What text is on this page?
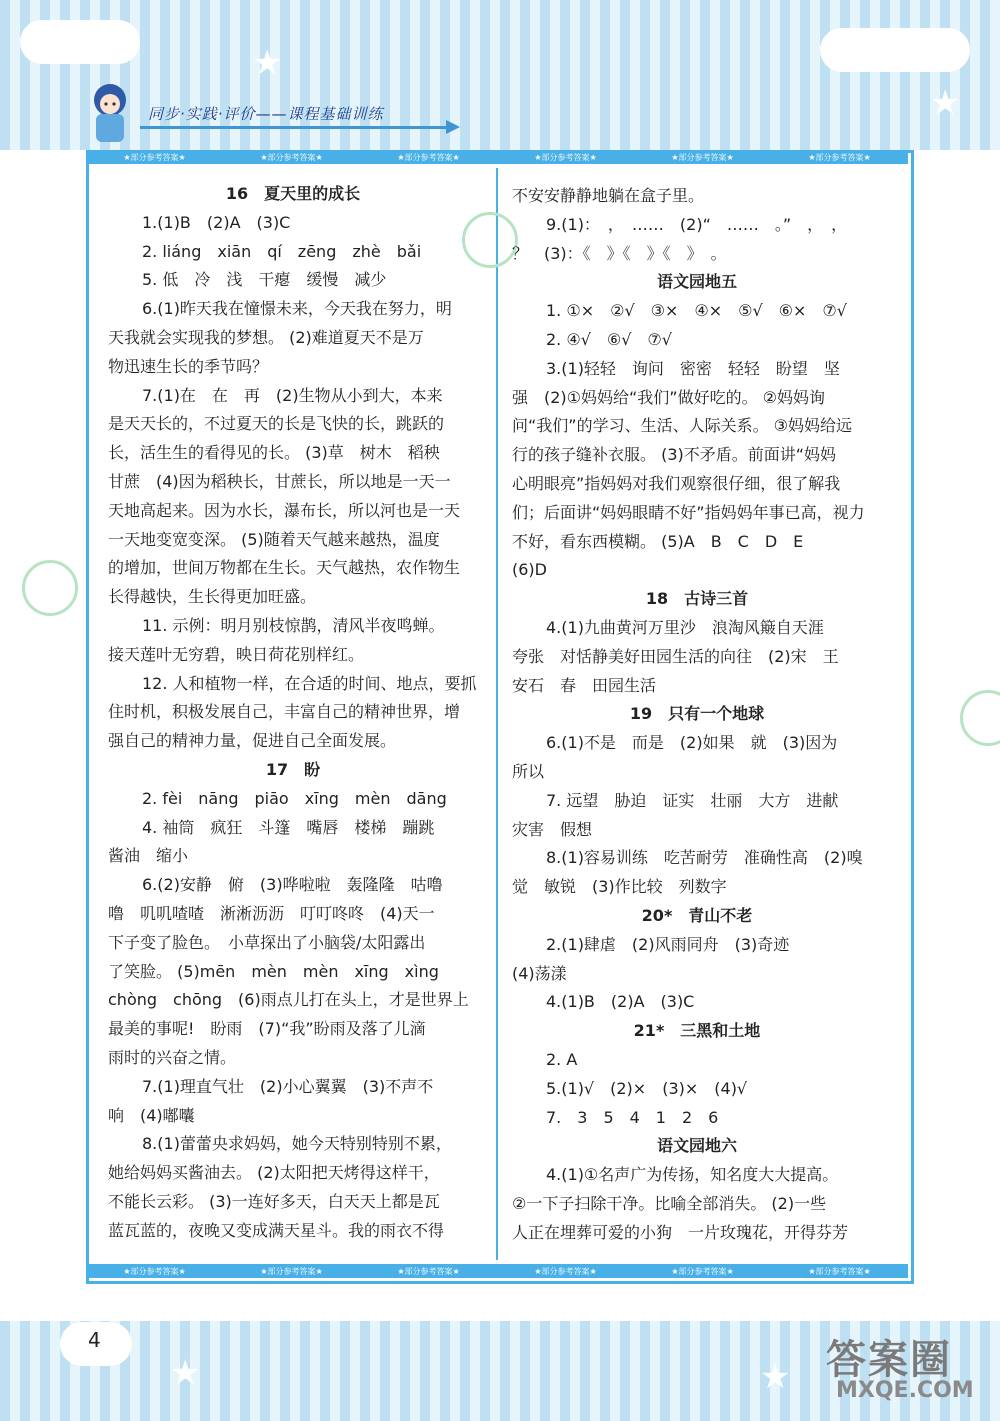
★
★
★	★
同步·实践·评价——课程基础训练
★部分参考答案★	★部分参考答案★	★部分参考答案★	★部分参考答案★	★部分参考答案★	★部分参考答案★
★部分参考答案★	★部分参考答案★	★部分参考答案★	★部分参考答案★	★部分参考答案★	★部分参考答案★

16　夏天里的成长

1.(1)B　(2)A　(3)C

2. liáng　xiān　qí　zēng　zhè　bǎi

5. 低　冷　浅　干瘪　缓慢　减少

6.(1)昨天我在憧憬未来，今天我在努力，明

天我就会实现我的梦想。 (2)难道夏天不是万

物迅速生长的季节吗？

7.(1)在　在　再　(2)生物从小到大，本来

是天天长的，不过夏天的长是飞快的长，跳跃的

长，活生生的看得见的长。 (3)草　树木　稻秧

甘蔗　(4)因为稻秧长，甘蔗长，所以地是一天一

天地高起来。因为水长，瀑布长，所以河也是一天

一天地变宽变深。 (5)随着天气越来越热，温度

的增加，世间万物都在生长。天气越热，农作物生

长得越快，生长得更加旺盛。

11. 示例：明月别枝惊鹊，清风半夜鸣蝉。

接天莲叶无穷碧，映日荷花别样红。

12. 人和植物一样，在合适的时间、地点，要抓

住时机，积极发展自己，丰富自己的精神世界，增

强自己的精神力量，促进自己全面发展。

17　盼

2. fèi　nāng　piāo　xīng　mèn　dāng

4. 袖筒　疯狂　斗篷　嘴唇　楼梯　蹦跳

酱油　缩小

6.(2)安静　俯　(3)哗啦啦　轰隆隆　咕噜

噜　叽叽喳喳　淅淅沥沥　叮叮咚咚　(4)天一

下子变了脸色。　小草探出了小脑袋/太阳露出

了笑脸。 (5)mēn　mèn　mèn　xīng　xìng

chòng　chōng　(6)雨点儿打在头上，才是世界上

最美的事呢!　盼雨　(7)“我”盼雨及落了儿滴

雨时的兴奋之情。

7.(1)理直气壮　(2)小心翼翼　(3)不声不

响　(4)嘟囔

8.(1)蕾蕾央求妈妈，她今天特别特别不累，

她给妈妈买酱油去。 (2)太阳把天烤得这样干，

不能长云彩。 (3)一连好多天，白天天上都是瓦

蓝瓦蓝的，夜晚又变成满天星斗。我的雨衣不得

不安安静静地躺在盒子里。

9.(1)：　，　……　(2)“　……　。”　，　，

？　(3)：《　》《　》《　》　。

语文园地五

1. ①×　②√　③×　④×　⑤√　⑥×　⑦√

2. ④√　⑥√　⑦√

3.(1)轻轻　询问　密密　轻轻　盼望　坚

强　(2)①妈妈给“我们”做好吃的。 ②妈妈询

问“我们”的学习、生活、人际关系。 ③妈妈给远

行的孩子缝补衣服。 (3)不矛盾。前面讲“妈妈

心明眼亮”指妈妈对我们观察很仔细，很了解我

们；后面讲“妈妈眼睛不好”指妈妈年事已高，视力

不好，看东西模糊。 (5)A　B　C　D　E

(6)D

18　古诗三首

4.(1)九曲黄河万里沙　浪淘风簸自天涯

夸张　对恬静美好田园生活的向往　(2)宋　王

安石　春　田园生活

19　只有一个地球

6.(1)不是　而是　(2)如果　就　(3)因为

所以

7. 远望　胁迫　证实　壮丽　大方　进献

灾害　假想

8.(1)容易训练　吃苦耐劳　准确性高　(2)嗅

觉　敏锐　(3)作比较　列数字

20*　青山不老

2.(1)肆虐　(2)风雨同舟　(3)奇迹

(4)荡漾

4.(1)B　(2)A　(3)C

21*　三黑和土地

2. A

5.(1)√　(2)×　(3)×　(4)√

7.　3　5　4　1　2　6

语文园地六

4.(1)①名声广为传扬，知名度大大提高。

②一下子扫除干净。比喻全部消失。 (2)一些

人正在埋葬可爱的小狗　一片玫瑰花，开得芬芳

4	答案圈
MXQE.COM
